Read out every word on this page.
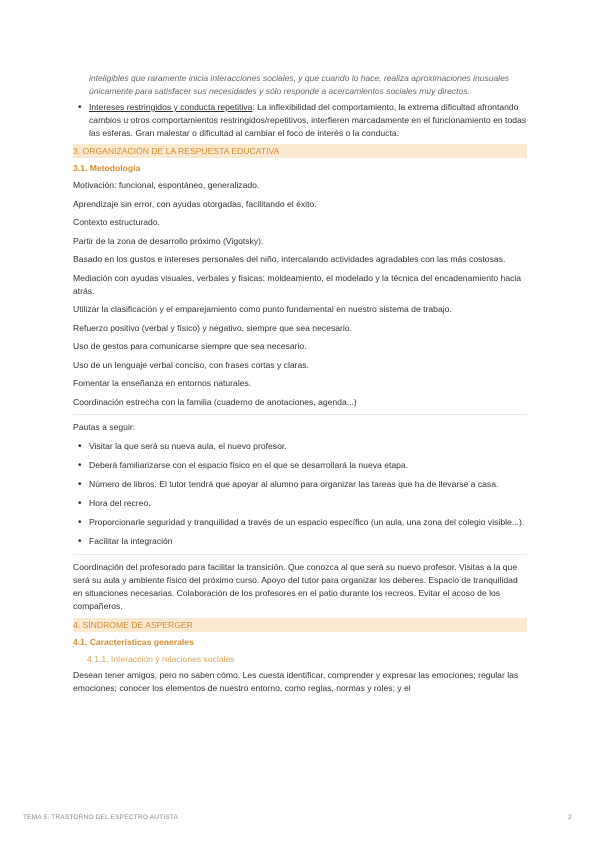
inteligibles que raramente inicia interacciones sociales, y que cuando lo hace, realiza aproximaciones inusuales únicamente para satisfacer sus necesidades y sólo responde a acercamientos sociales muy directos.

• Intereses restringidos y conducta repetitiva: La inflexibilidad del comportamiento, la extrema dificultad afrontando cambios u otros comportamientos restringidos/repetitivos, interfieren marcadamente en el funcionamiento en todas las esferas. Gran malestar o dificultad al cambiar el foco de interés o la conducta.
3. ORGANIZACIÓN DE LA RESPUESTA EDUCATIVA
3.1. Metodología

Motivación: funcional, espontáneo, generalizado.

Aprendizaje sin error, con ayudas otorgadas, facilitando el éxito.

Contexto estructurado.

Partir de la zona de desarrollo próximo (Vigotsky).

Basado en los gustos e intereses personales del niño, intercalando actividades agradables con las más costosas.

Mediación con ayudas visuales, verbales y físicas: moldeamiento, el modelado y la técnica del encadenamiento hacia atrás.

Utilizar la clasificación y el emparejamiento como punto fundamental en nuestro sistema de trabajo.

Refuerzo positivo (verbal y físico) y negativo, siempre que sea necesario.

Uso de gestos para comunicarse siempre que sea necesario.

Uso de un lenguaje verbal conciso, con frases cortas y claras.

Fomentar la enseñanza en entornos naturales.

Coordinación estrecha con la familia (cuaderno de anotaciones, agenda...)

Pautas a seguir:

• Visitar la que será su nueva aula, el nuevo profesor.
• Deberá familiarizarse con el espacio físico en el que se desarrollará la nueva etapa.
• Número de libros. El tutor tendrá que apoyar al alumno para organizar las tareas que ha de llevarse a casa.
• Hora del recreo.
• Proporcionarle seguridad y tranquilidad a través de un espacio específico (un aula, una zona del colegio visible...).
• Facilitar la integración

Coordinación del profesorado para facilitar la transición. Que conozca al que será su nuevo profesor. Visitas a la que será su aula y ambiente físico del próximo curso. Apoyo del tutor para organizar los deberes. Espacio de tranquilidad en situaciones necesarias. Colaboración de los profesores en el patio durante los recreos. Evitar el acoso de los compañeros.

4. SÍNDROME DE ASPERGER
4.1. Características generales
4.1.1. Interacción y relaciones sociales

Desean tener amigos, pero no saben cómo. Les cuesta identificar, comprender y expresar las emociones; regular las emociones; conocer los elementos de nuestro entorno, como reglas, normas y roles; y el

TEMA 5. TRASTORNO DEL ESPECTRO AUTISTA	2
